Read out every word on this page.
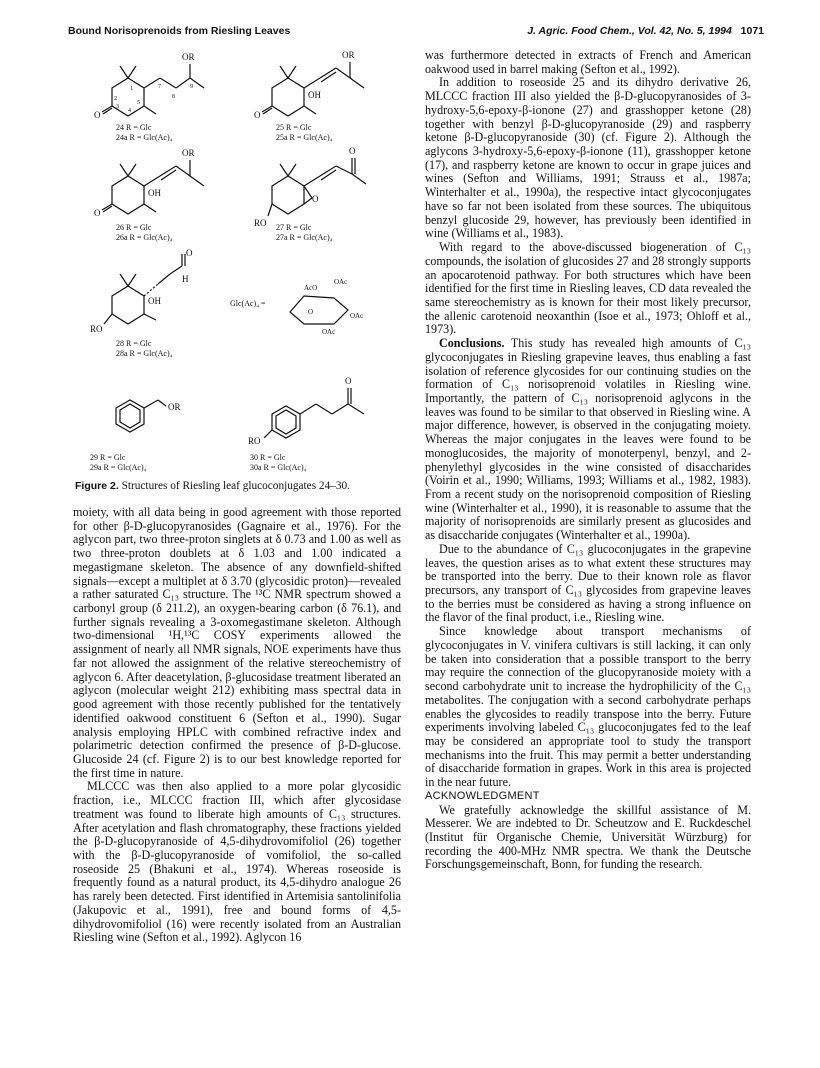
Bound Norisoprenoids from Riesling Leaves	J. Agric. Food Chem., Vol. 42, No. 5, 1994 1071
OR
O
2
1
3
4
5
7
8
9
OR
OH
O
24 R = Glc
24a R = Glc(Ac)₄
25 R = Glc
25a R = Glc(Ac)₄
OR
OH
O
O
O
RO
26 R = Glc
26a R = Glc(Ac)₄
27 R = Glc
27a R = Glc(Ac)₄
O
H
OH
RO
Glc(Ac)₄ =
AcO
OAc
OAc
OAc
O
28 R = Glc
28a R = Glc(Ac)₄
OR
O
RO
29 R = Glc
29a R = Glc(Ac)₄
30 R = Glc
30a R = Glc(Ac)₄
Figure 2. Structures of Riesling leaf glucoconjugates 24–30.

moiety, with all data being in good agreement with those reported for other β-D-glucopyranosides (Gagnaire et al., 1976). For the aglycon part, two three-proton singlets at δ 0.73 and 1.00 as well as two three-proton doublets at δ 1.03 and 1.00 indicated a megastigmane skeleton. The absence of any downfield-shifted signals—except a multiplet at δ 3.70 (glycosidic proton)—revealed a rather saturated C₁₃ structure. The ¹³C NMR spectrum showed a carbonyl group (δ 211.2), an oxygen-bearing carbon (δ 76.1), and further signals revealing a 3-oxomegastimane skeleton. Although two-dimensional ¹H,¹³C COSY experiments allowed the assignment of nearly all NMR signals, NOE experiments have thus far not allowed the assignment of the relative stereochemistry of aglycon 6. After deacetylation, β-glucosidase treatment liberated an aglycon (molecular weight 212) exhibiting mass spectral data in good agreement with those recently published for the tentatively identified oakwood constituent 6 (Sefton et al., 1990). Sugar analysis employing HPLC with combined refractive index and polarimetric detection confirmed the presence of β-D-glucose. Glucoside 24 (cf. Figure 2) is to our best knowledge reported for the first time in nature.

MLCCC was then also applied to a more polar glycosidic fraction, i.e., MLCCC fraction III, which after glycosidase treatment was found to liberate high amounts of C₁₃ structures. After acetylation and flash chromatography, these fractions yielded the β-D-glucopyranoside of 4,5-dihydrovomifoliol (26) together with the β-D-glucopyranoside of vomifoliol, the so-called roseoside 25 (Bhakuni et al., 1974). Whereas roseoside is frequently found as a natural product, its 4,5-dihydro analogue 26 has rarely been detected. First identified in Artemisia santolinifolia (Jakupovic et al., 1991), free and bound forms of 4,5-dihydrovomifoliol (16) were recently isolated from an Australian Riesling wine (Sefton et al., 1992). Aglycon 16

was furthermore detected in extracts of French and American oakwood used in barrel making (Sefton et al., 1992).

In addition to roseoside 25 and its dihydro derivative 26, MLCCC fraction III also yielded the β-D-glucopyranosides of 3-hydroxy-5,6-epoxy-β-ionone (27) and grasshopper ketone (28) together with benzyl β-D-glucopyranoside (29) and raspberry ketone β-D-glucopyranoside (30) (cf. Figure 2). Although the aglycons 3-hydroxy-5,6-epoxy-β-ionone (11), grasshopper ketone (17), and raspberry ketone are known to occur in grape juices and wines (Sefton and Williams, 1991; Strauss et al., 1987a; Winterhalter et al., 1990a), the respective intact glycoconjugates have so far not been isolated from these sources. The ubiquitous benzyl glucoside 29, however, has previously been identified in wine (Williams et al., 1983).

With regard to the above-discussed biogeneration of C₁₃ compounds, the isolation of glucosides 27 and 28 strongly supports an apocarotenoid pathway. For both structures which have been identified for the first time in Riesling leaves, CD data revealed the same stereochemistry as is known for their most likely precursor, the allenic carotenoid neoxanthin (Isoe et al., 1973; Ohloff et al., 1973).

Conclusions. This study has revealed high amounts of C₁₃ glycoconjugates in Riesling grapevine leaves, thus enabling a fast isolation of reference glycosides for our continuing studies on the formation of C₁₃ norisoprenoid volatiles in Riesling wine. Importantly, the pattern of C₁₃ norisoprenoid aglycons in the leaves was found to be similar to that observed in Riesling wine. A major difference, however, is observed in the conjugating moiety. Whereas the major conjugates in the leaves were found to be monoglucosides, the majority of monoterpenyl, benzyl, and 2-phenylethyl glycosides in the wine consisted of disaccharides (Voirin et al., 1990; Williams, 1993; Williams et al., 1982, 1983). From a recent study on the norisoprenoid composition of Riesling wine (Winterhalter et al., 1990), it is reasonable to assume that the majority of norisoprenoids are similarly present as glucosides and as disaccharide conjugates (Winterhalter et al., 1990a).

Due to the abundance of C₁₃ glucoconjugates in the grapevine leaves, the question arises as to what extent these structures may be transported into the berry. Due to their known role as flavor precursors, any transport of C₁₃ glycosides from grapevine leaves to the berries must be considered as having a strong influence on the flavor of the final product, i.e., Riesling wine.

Since knowledge about transport mechanisms of glycoconjugates in V. vinifera cultivars is still lacking, it can only be taken into consideration that a possible transport to the berry may require the connection of the glucopyranoside moiety with a second carbohydrate unit to increase the hydrophilicity of the C₁₃ metabolites. The conjugation with a second carbohydrate perhaps enables the glycosides to readily transpose into the berry. Future experiments involving labeled C₁₃ glucoconjugates fed to the leaf may be considered an appropriate tool to study the transport mechanisms into the fruit. This may permit a better understanding of disaccharide formation in grapes. Work in this area is projected in the near future.

ACKNOWLEDGMENT

We gratefully acknowledge the skillful assistance of M. Messerer. We are indebted to Dr. Scheutzow and E. Ruckdeschel (Institut für Organische Chemie, Universität Würzburg) for recording the 400-MHz NMR spectra. We thank the Deutsche Forschungsgemeinschaft, Bonn, for funding the research.
